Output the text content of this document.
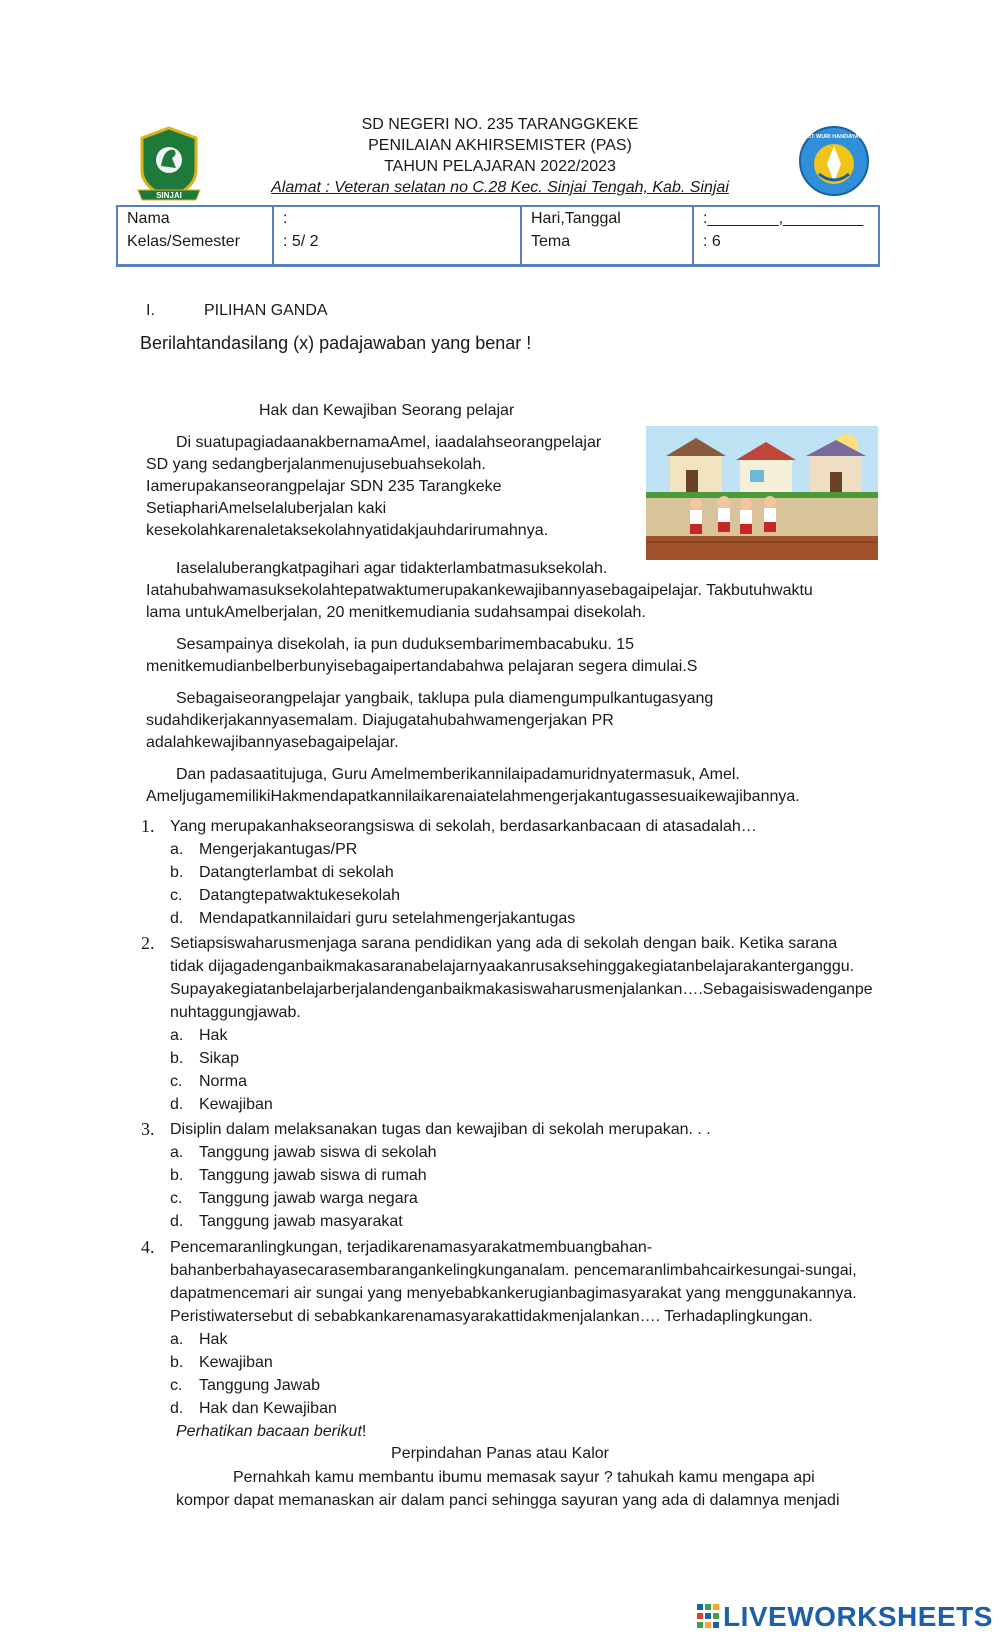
SINJAI
TUT WURI HANDAYANI
SD NEGERI NO. 235 TARANGGKEKE
PENILAIAN AKHIRSEMISTER (PAS)
TAHUN PELAJARAN 2022/2023
Alamat : Veteran selatan no C.28 Kec. Sinjai Tengah, Kab. Sinjai
Nama
Kelas/Semester
:
: 5/ 2
Hari,Tanggal
Tema
:________,_________
: 6
I.	PILIHAN GANDA
Berilahtandasilang (x) padajawaban yang benar !
Hak dan Kewajiban Seorang pelajar
Di suatupagiadaanakbernamaAmel, iaadalahseorangpelajar
SD yang sedangberjalanmenujusebuahsekolah.
Iamerupakanseorangpelajar SDN 235 Tarangkeke
SetiaphariAmelselaluberjalan kaki
kesekolahkarenaletaksekolahnyatidakjauhdarirumahnya.
Iaselaluberangkatpagihari agar tidakterlambatmasuksekolah.
Iatahubahwamasuksekolahtepatwaktumerupakankewajibannyasebagaipelajar. Takbutuhwaktu
lama untukAmelberjalan, 20 menitkemudiania sudahsampai disekolah.
Sesampainya disekolah, ia pun duduksembarimembacabuku. 15
menitkemudianbelberbunyisebagaipertandabahwa pelajaran segera dimulai.S
Sebagaiseorangpelajar yangbaik, taklupa pula diamengumpulkantugasyang
sudahdikerjakannyasemalam. Diajugatahubahwamengerjakan PR
adalahkewajibannyasebagaipelajar.
Dan padasaatitujuga, Guru Amelmemberikannilaipadamuridnyatermasuk, Amel.
AmeljugamemilikiHakmendapatkannilaikarenaiatelahmengerjakantugassesuaikewajibannya.
1. Yang merupakanhakseorangsiswa di sekolah, berdasarkanbacaan di atasadalah…
a. Mengerjakantugas/PR
b. Datangterlambat di sekolah
c. Datangtepatwaktukesekolah
d. Mendapatkannilaidari guru setelahmengerjakantugas
2. Setiapsiswaharusmenjaga sarana pendidikan yang ada di sekolah dengan baik. Ketika sarana
tidak dijagadenganbaikmakasaranabelajarnyaakanrusaksehinggakegiatanbelajarakanterganggu.
Supayakegiatanbelajarberjalandenganbaikmakasiswaharusmenjalankan….Sebagaisiswadenganpe
nuhtaggungjawab.
a. Hak
b. Sikap
c. Norma
d. Kewajiban
3. Disiplin dalam melaksanakan tugas dan kewajiban di sekolah merupakan. . .
a. Tanggung jawab siswa di sekolah
b. Tanggung jawab siswa di rumah
c. Tanggung jawab warga negara
d. Tanggung jawab masyarakat
4. Pencemaranlingkungan, terjadikarenamasyarakatmembuangbahan-
bahanberbahayasecarasembarangankelingkunganalam. pencemaranlimbahcairkesungai-sungai,
dapatmencemari air sungai yang menyebabkankerugianbagimasyarakat yang menggunakannya.
Peristiwatersebut di sebabkankarenamasyarakattidakmenjalankan…. Terhadaplingkungan.
a. Hak
b. Kewajiban
c. Tanggung Jawab
d. Hak dan Kewajiban
Perhatikan bacaan berikut!
Perpindahan Panas atau Kalor
Pernahkah kamu membantu ibumu memasak sayur ? tahukah kamu mengapa api
kompor dapat memanaskan air dalam panci sehingga sayuran yang ada di dalamnya menjadi
LIVEWORKSHEETS
